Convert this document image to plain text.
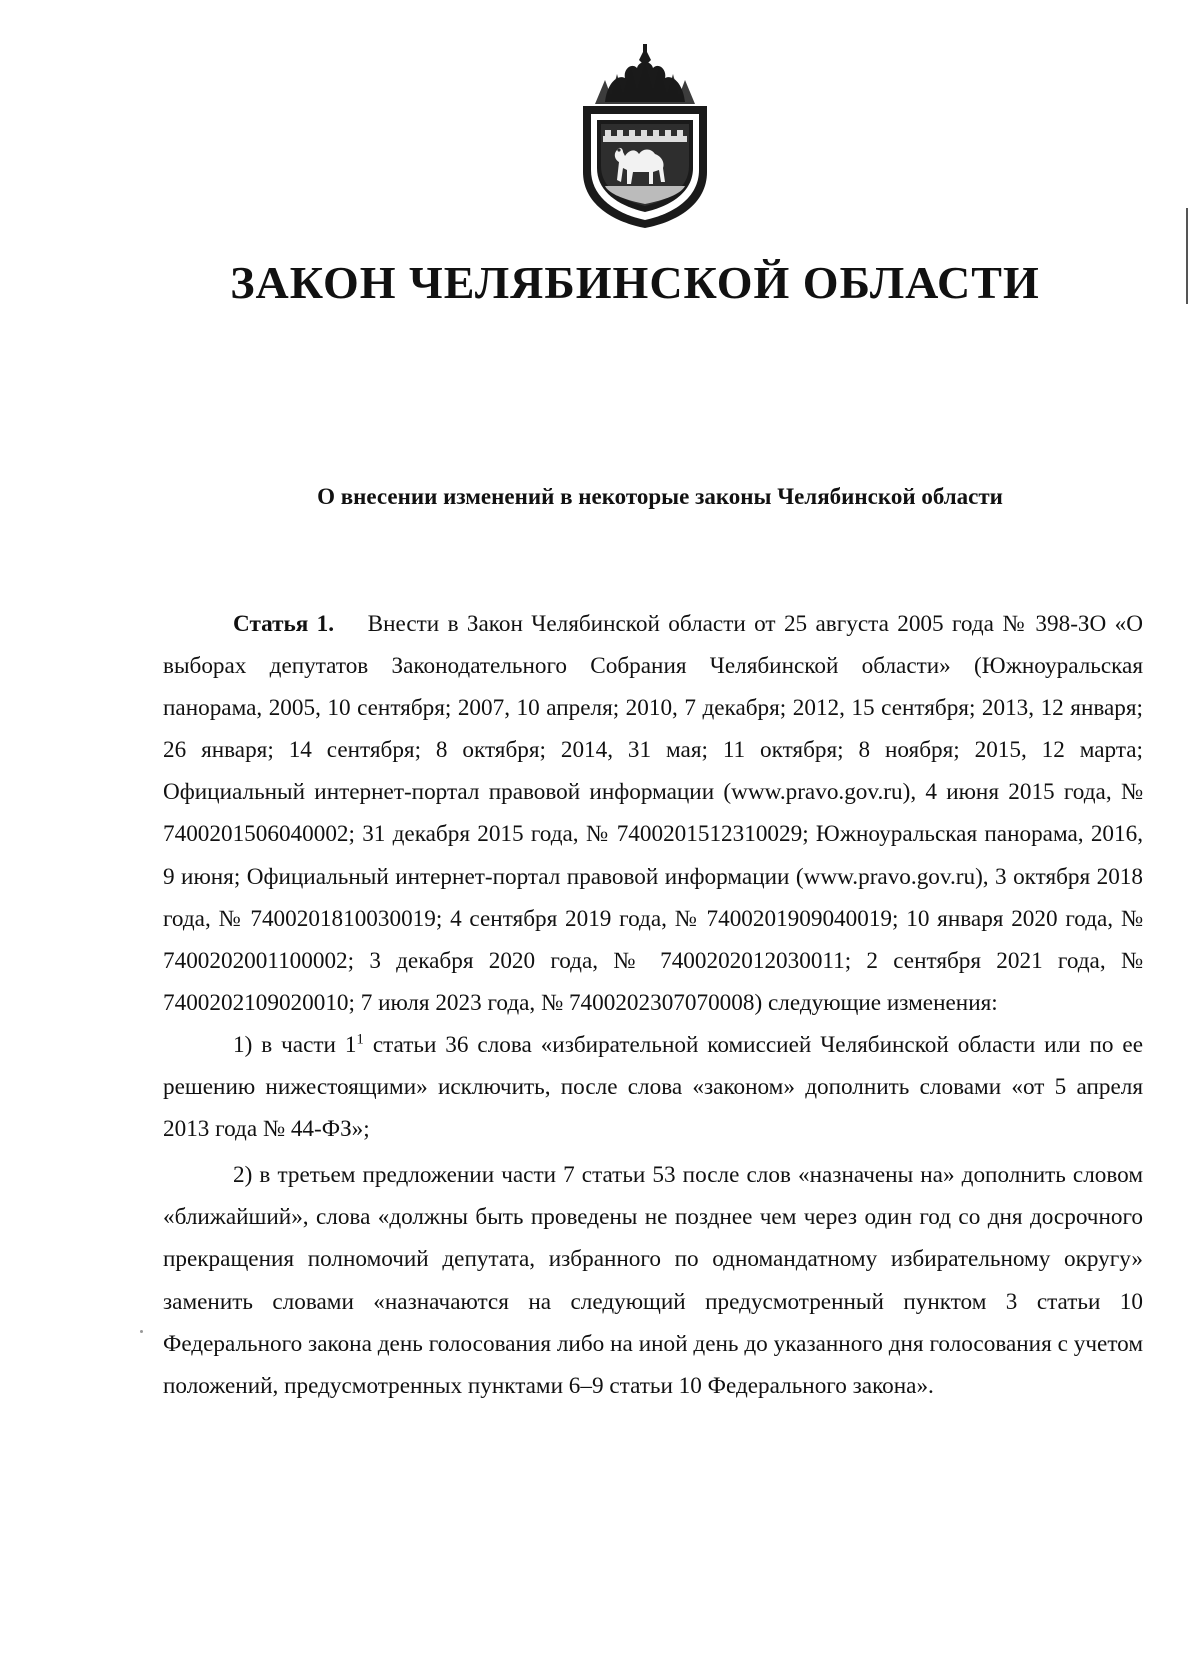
ЗАКОН ЧЕЛЯБИНСКОЙ ОБЛАСТИ
О внесении изменений в некоторые законы Челябинской области

Статья 1. Внести в Закон Челябинской области от 25 августа 2005 года № 398-ЗО «О выборах депутатов Законодательного Собрания Челябинской области» (Южноуральская панорама, 2005, 10 сентября; 2007, 10 апреля; 2010, 7 декабря; 2012, 15 сентября; 2013, 12 января; 26 января; 14 сентября; 8 октября; 2014, 31 мая; 11 октября; 8 ноября; 2015, 12 марта; Официальный интернет-портал правовой информации (www.pravo.gov.ru), 4 июня 2015 года, № 7400201506040002; 31 декабря 2015 года, № 7400201512310029; Южноуральская панорама, 2016, 9 июня; Официальный интернет-портал правовой информации (www.pravo.gov.ru), 3 октября 2018 года, № 7400201810030019; 4 сентября 2019 года, № 7400201909040019; 10 января 2020 года, № 7400202001100002; 3 декабря 2020 года, № 7400202012030011; 2 сентября 2021 года, № 7400202109020010; 7 июля 2023 года, № 7400202307070008) следующие изменения:

1) в части $1^1$ статьи 36 слова «избирательной комиссией Челябинской области или по ее решению нижестоящими» исключить, после слова «законом» дополнить словами «от 5 апреля 2013 года № 44-ФЗ»;

2) в третьем предложении части 7 статьи 53 после слов «назначены на» дополнить словом «ближайший», слова «должны быть проведены не позднее чем через один год со дня досрочного прекращения полномочий депутата, избранного по одномандатному избирательному округу» заменить словами «назначаются на следующий предусмотренный пунктом 3 статьи 10 Федерального закона день голосования либо на иной день до указанного дня голосования с учетом положений, предусмотренных пунктами 6–9 статьи 10 Федерального закона».
